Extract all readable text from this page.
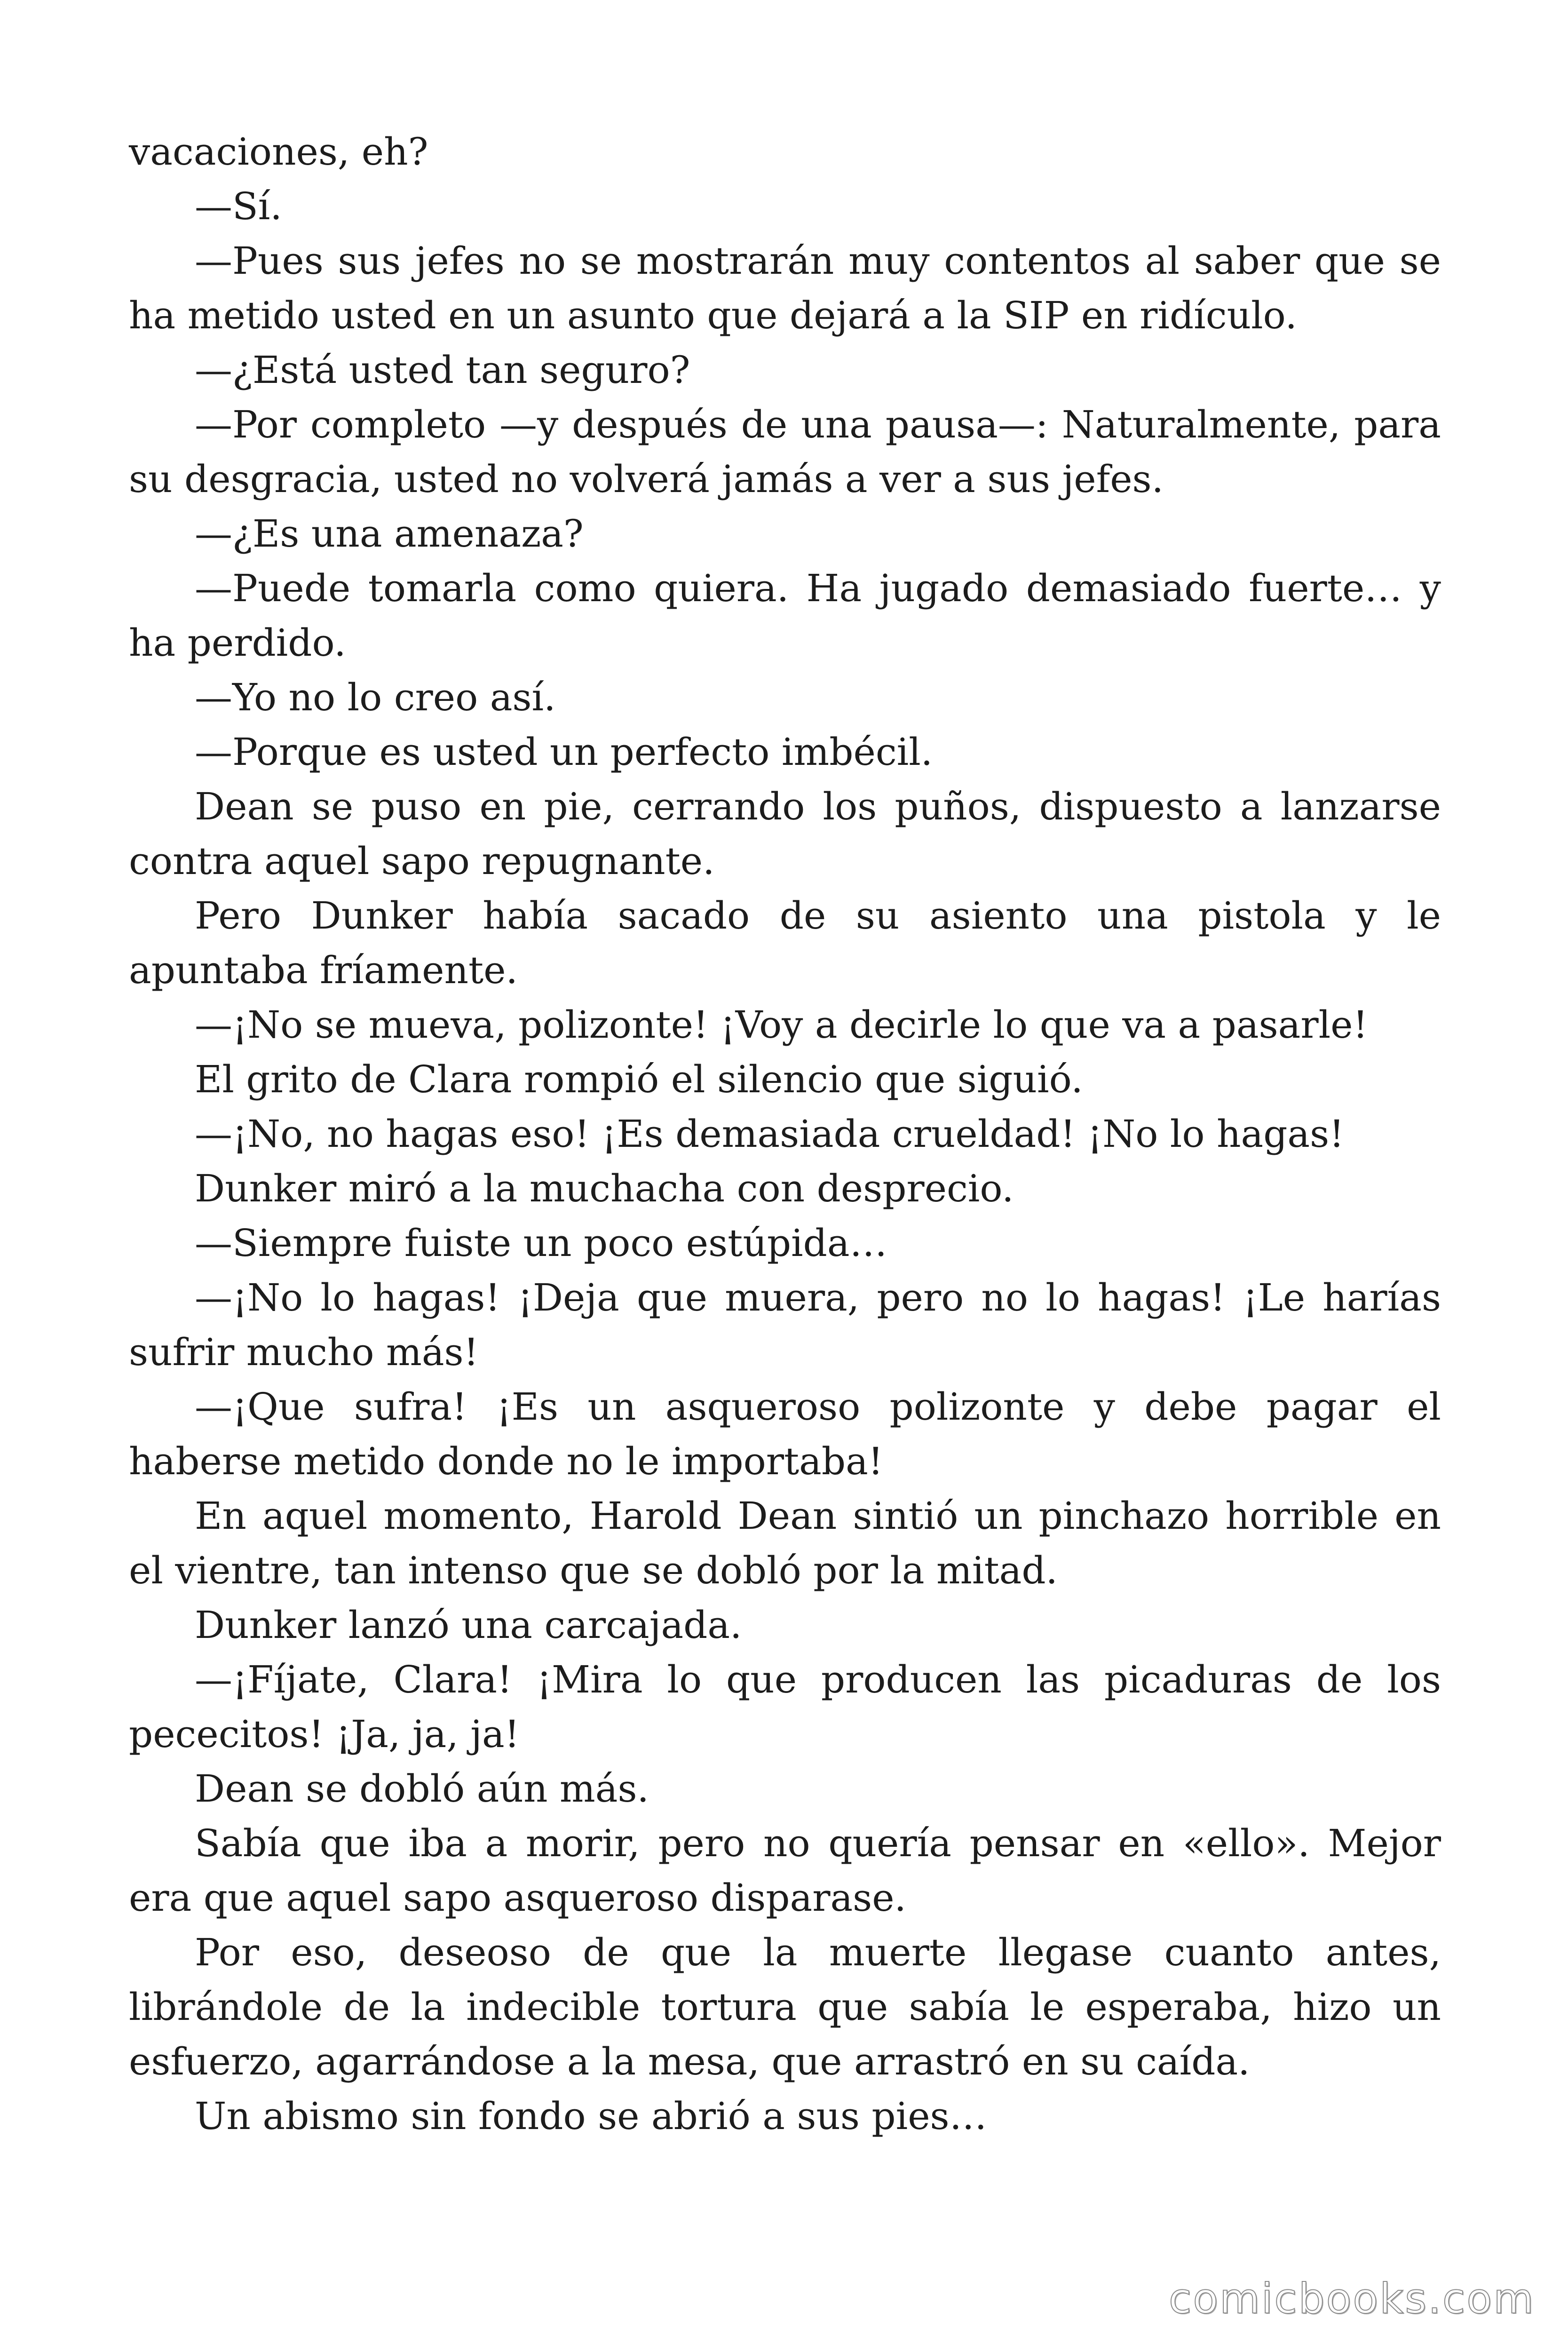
vacaciones, eh?

—Sí.

—Pues sus jefes no se mostrarán muy contentos al saber que se ha metido usted en un asunto que dejará a la SIP en ridículo.

—¿Está usted tan seguro?

—Por completo —y después de una pausa—: Naturalmente, para su desgracia, usted no volverá jamás a ver a sus jefes.

—¿Es una amenaza?

—Puede tomarla como quiera. Ha jugado demasiado fuerte… y ha perdido.

—Yo no lo creo así.

—Porque es usted un perfecto imbécil.

Dean se puso en pie, cerrando los puños, dispuesto a lanzarse contra aquel sapo repugnante.

Pero Dunker había sacado de su asiento una pistola y le apuntaba fríamente.

—¡No se mueva, polizonte! ¡Voy a decirle lo que va a pasarle!

El grito de Clara rompió el silencio que siguió.

—¡No, no hagas eso! ¡Es demasiada crueldad! ¡No lo hagas!

Dunker miró a la muchacha con desprecio.

—Siempre fuiste un poco estúpida…

—¡No lo hagas! ¡Deja que muera, pero no lo hagas! ¡Le harías sufrir mucho más!

—¡Que sufra! ¡Es un asqueroso polizonte y debe pagar el haberse metido donde no le importaba!

En aquel momento, Harold Dean sintió un pinchazo horrible en el vientre, tan intenso que se dobló por la mitad.

Dunker lanzó una carcajada.

—¡Fíjate, Clara! ¡Mira lo que producen las picaduras de los pececitos! ¡Ja, ja, ja!

Dean se dobló aún más.

Sabía que iba a morir, pero no quería pensar en «ello». Mejor era que aquel sapo asqueroso disparase.

Por eso, deseoso de que la muerte llegase cuanto antes, librándole de la indecible tortura que sabía le esperaba, hizo un esfuerzo, agarrándose a la mesa, que arrastró en su caída.

Un abismo sin fondo se abrió a sus pies…

comicbooks.com
